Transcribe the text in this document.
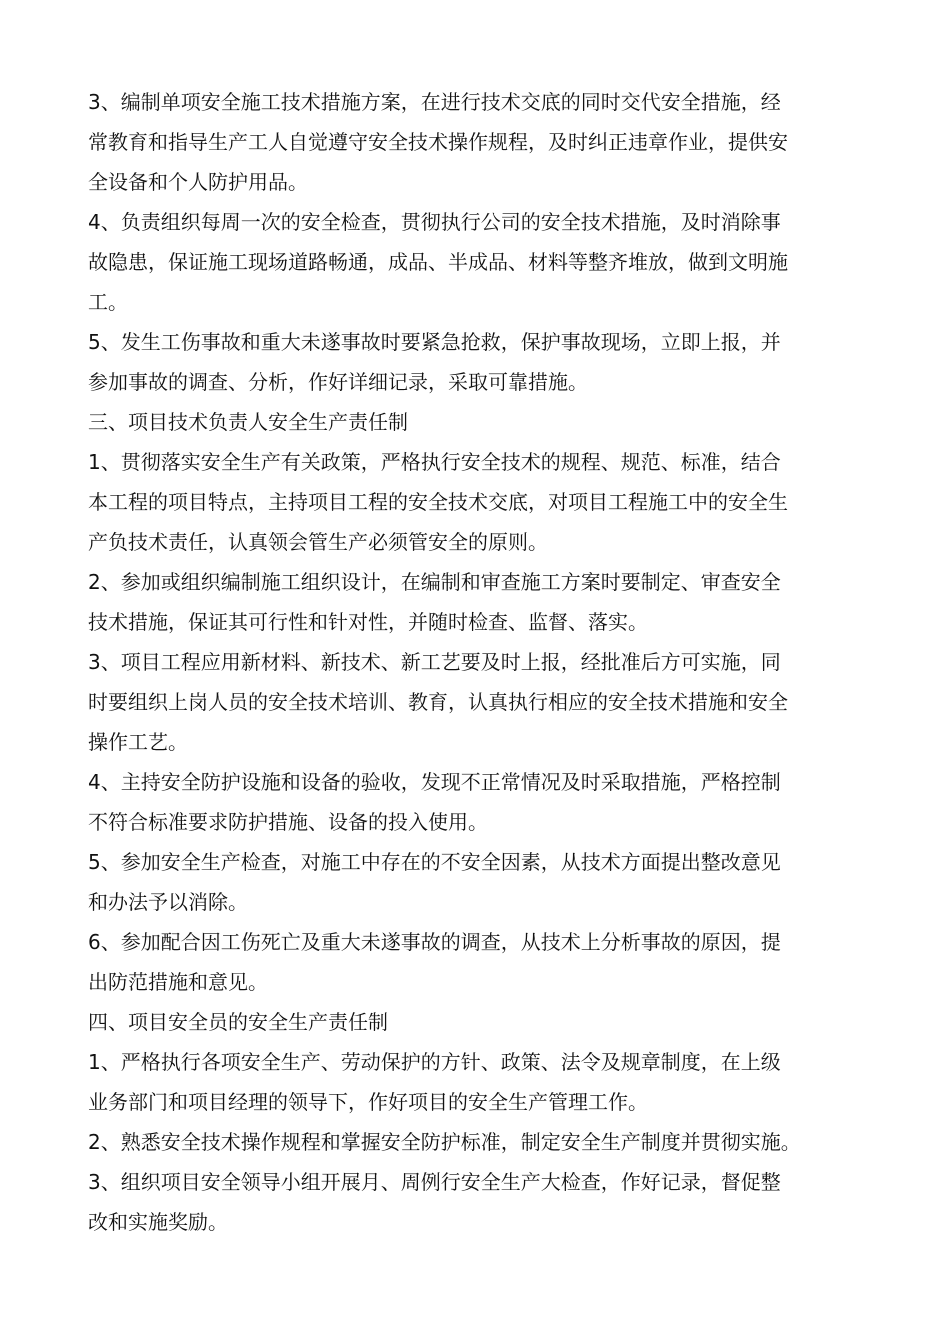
3、编制单项安全施工技术措施方案，在进行技术交底的同时交代安全措施，经
常教育和指导生产工人自觉遵守安全技术操作规程，及时纠正违章作业，提供安
全设备和个人防护用品。

4、负责组织每周一次的安全检查，贯彻执行公司的安全技术措施，及时消除事
故隐患，保证施工现场道路畅通，成品、半成品、材料等整齐堆放，做到文明施
工。

5、发生工伤事故和重大未遂事故时要紧急抢救，保护事故现场，立即上报，并
参加事故的调查、分析，作好详细记录，采取可靠措施。

三、项目技术负责人安全生产责任制

1、贯彻落实安全生产有关政策，严格执行安全技术的规程、规范、标准，结合
本工程的项目特点，主持项目工程的安全技术交底，对项目工程施工中的安全生
产负技术责任，认真领会管生产必须管安全的原则。

2、参加或组织编制施工组织设计，在编制和审查施工方案时要制定、审查安全
技术措施，保证其可行性和针对性，并随时检查、监督、落实。

3、项目工程应用新材料、新技术、新工艺要及时上报，经批准后方可实施，同
时要组织上岗人员的安全技术培训、教育，认真执行相应的安全技术措施和安全
操作工艺。

4、主持安全防护设施和设备的验收，发现不正常情况及时采取措施，严格控制
不符合标准要求防护措施、设备的投入使用。

5、参加安全生产检查，对施工中存在的不安全因素，从技术方面提出整改意见
和办法予以消除。

6、参加配合因工伤死亡及重大未遂事故的调查，从技术上分析事故的原因，提
出防范措施和意见。

四、项目安全员的安全生产责任制

1、严格执行各项安全生产、劳动保护的方针、政策、法令及规章制度，在上级
业务部门和项目经理的领导下，作好项目的安全生产管理工作。

2、熟悉安全技术操作规程和掌握安全防护标准，制定安全生产制度并贯彻实施。

3、组织项目安全领导小组开展月、周例行安全生产大检查，作好记录，督促整
改和实施奖励。
